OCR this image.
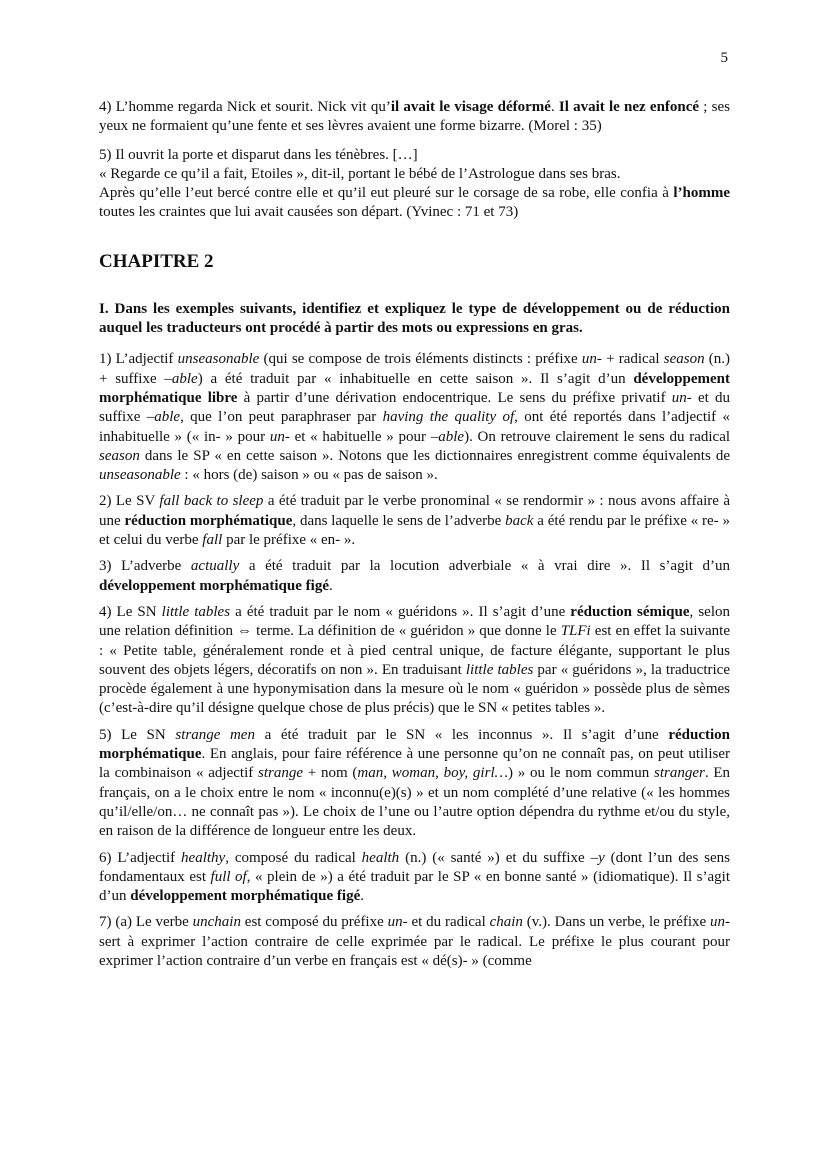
5

4) L’homme regarda Nick et sourit. Nick vit qu’il avait le visage déformé. Il avait le nez enfoncé ; ses yeux ne formaient qu’une fente et ses lèvres avaient une forme bizarre. (Morel : 35)

5) Il ouvrit la porte et disparut dans les ténèbres. […]

« Regarde ce qu’il a fait, Etoiles », dit-il, portant le bébé de l’Astrologue dans ses bras.

Après qu’elle l’eut bercé contre elle et qu’il eut pleuré sur le corsage de sa robe, elle confia à l’homme toutes les craintes que lui avait causées son départ. (Yvinec : 71 et 73)

CHAPITRE 2

I. Dans les exemples suivants, identifiez et expliquez le type de développement ou de réduction auquel les traducteurs ont procédé à partir des mots ou expressions en gras.

1) L’adjectif unseasonable (qui se compose de trois éléments distincts : préfixe un- + radical season (n.) + suffixe –able) a été traduit par « inhabituelle en cette saison ». Il s’agit d’un développement morphématique libre à partir d’une dérivation endocentrique. Le sens du préfixe privatif un- et du suffixe –able, que l’on peut paraphraser par having the quality of, ont été reportés dans l’adjectif « inhabituelle » (« in- » pour un- et « habituelle » pour –able). On retrouve clairement le sens du radical season dans le SP « en cette saison ». Notons que les dictionnaires enregistrent comme équivalents de unseasonable : « hors (de) saison » ou « pas de saison ».

2) Le SV fall back to sleep a été traduit par le verbe pronominal « se rendormir » : nous avons affaire à une réduction morphématique, dans laquelle le sens de l’adverbe back a été rendu par le préfixe « re- » et celui du verbe fall par le préfixe « en- ».

3) L’adverbe actually a été traduit par la locution adverbiale « à vrai dire ». Il s’agit d’un développement morphématique figé.

4) Le SN little tables a été traduit par le nom « guéridons ». Il s’agit d’une réduction sémique, selon une relation définition ⇔ terme. La définition de « guéridon » que donne le TLFi est en effet la suivante : « Petite table, généralement ronde et à pied central unique, de facture élégante, supportant le plus souvent des objets légers, décoratifs on non ». En traduisant little tables par « guéridons », la traductrice procède également à une hyponymisation dans la mesure où le nom « guéridon » possède plus de sèmes (c’est-à-dire qu’il désigne quelque chose de plus précis) que le SN « petites tables ».

5) Le SN strange men a été traduit par le SN « les inconnus ». Il s’agit d’une réduction morphématique. En anglais, pour faire référence à une personne qu’on ne connaît pas, on peut utiliser la combinaison « adjectif strange + nom (man, woman, boy, girl…) » ou le nom commun stranger. En français, on a le choix entre le nom « inconnu(e)(s) » et un nom complété d’une relative (« les hommes qu’il/elle/on… ne connaît pas »). Le choix de l’une ou l’autre option dépendra du rythme et/ou du style, en raison de la différence de longueur entre les deux.

6) L’adjectif healthy, composé du radical health (n.) (« santé ») et du suffixe –y (dont l’un des sens fondamentaux est full of, « plein de ») a été traduit par le SP « en bonne santé » (idiomatique). Il s’agit d’un développement morphématique figé.

7) (a) Le verbe unchain est composé du préfixe un- et du radical chain (v.). Dans un verbe, le préfixe un- sert à exprimer l’action contraire de celle exprimée par le radical. Le préfixe le plus courant pour exprimer l’action contraire d’un verbe en français est « dé(s)- » (comme
